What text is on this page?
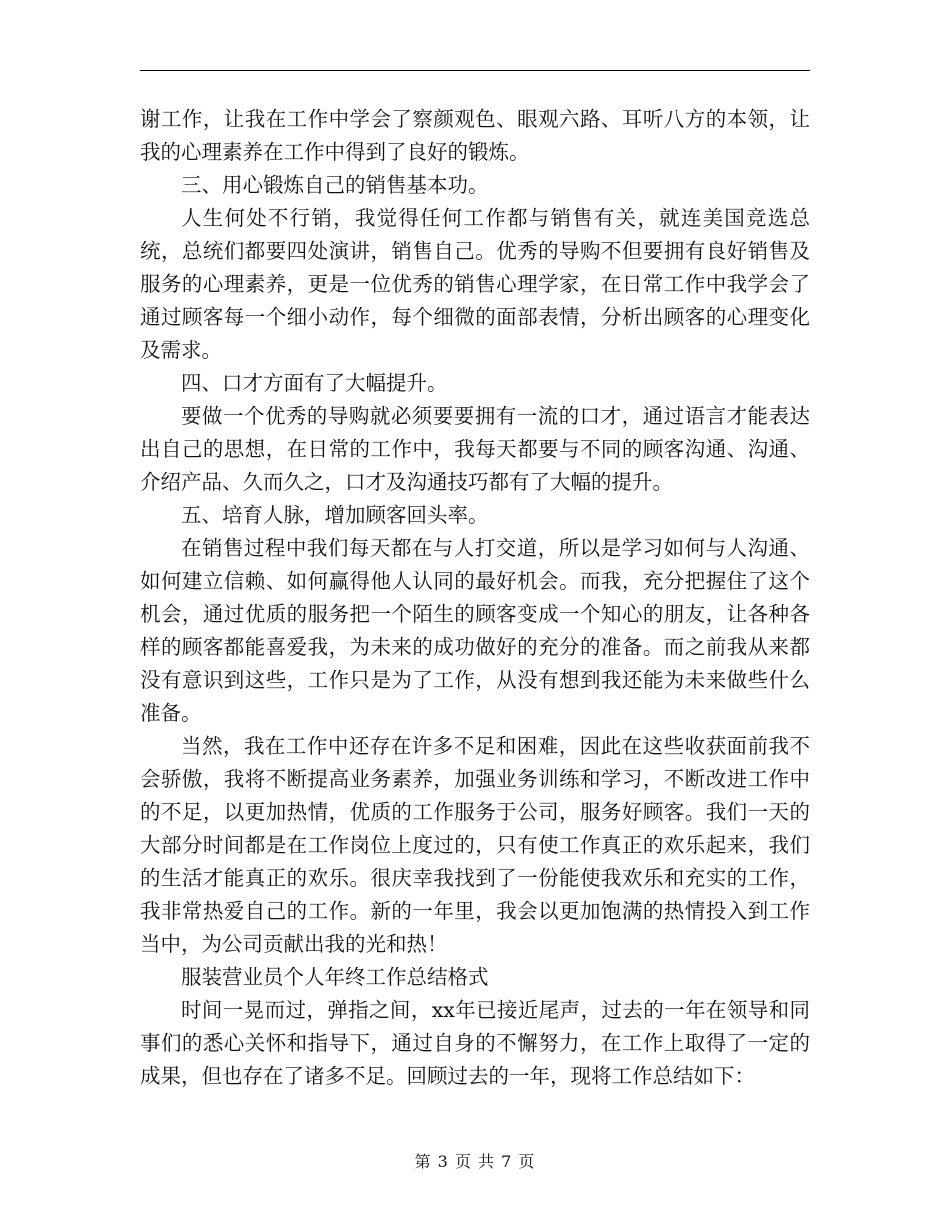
谢工作，让我在工作中学会了察颜观色、眼观六路、耳听八方的本领，让我的心理素养在工作中得到了良好的锻炼。

三、用心锻炼自己的销售基本功。

人生何处不行销，我觉得任何工作都与销售有关，就连美国竞选总统，总统们都要四处演讲，销售自己。优秀的导购不但要拥有良好销售及服务的心理素养，更是一位优秀的销售心理学家，在日常工作中我学会了通过顾客每一个细小动作，每个细微的面部表情，分析出顾客的心理变化及需求。

四、口才方面有了大幅提升。

要做一个优秀的导购就必须要要拥有一流的口才，通过语言才能表达出自己的思想，在日常的工作中，我每天都要与不同的顾客沟通、沟通、介绍产品、久而久之，口才及沟通技巧都有了大幅的提升。

五、培育人脉，增加顾客回头率。

在销售过程中我们每天都在与人打交道，所以是学习如何与人沟通、如何建立信赖、如何赢得他人认同的最好机会。而我，充分把握住了这个机会，通过优质的服务把一个陌生的顾客变成一个知心的朋友，让各种各样的顾客都能喜爱我，为未来的成功做好的充分的准备。而之前我从来都没有意识到这些，工作只是为了工作，从没有想到我还能为未来做些什么准备。

当然，我在工作中还存在许多不足和困难，因此在这些收获面前我不会骄傲，我将不断提高业务素养，加强业务训练和学习，不断改进工作中的不足，以更加热情，优质的工作服务于公司，服务好顾客。我们一天的大部分时间都是在工作岗位上度过的，只有使工作真正的欢乐起来，我们的生活才能真正的欢乐。很庆幸我找到了一份能使我欢乐和充实的工作，我非常热爱自己的工作。新的一年里，我会以更加饱满的热情投入到工作当中，为公司贡献出我的光和热！

服装营业员个人年终工作总结格式

时间一晃而过，弹指之间，xx年已接近尾声，过去的一年在领导和同事们的悉心关怀和指导下，通过自身的不懈努力，在工作上取得了一定的成果，但也存在了诸多不足。回顾过去的一年，现将工作总结如下：

第 3 页 共 7 页
